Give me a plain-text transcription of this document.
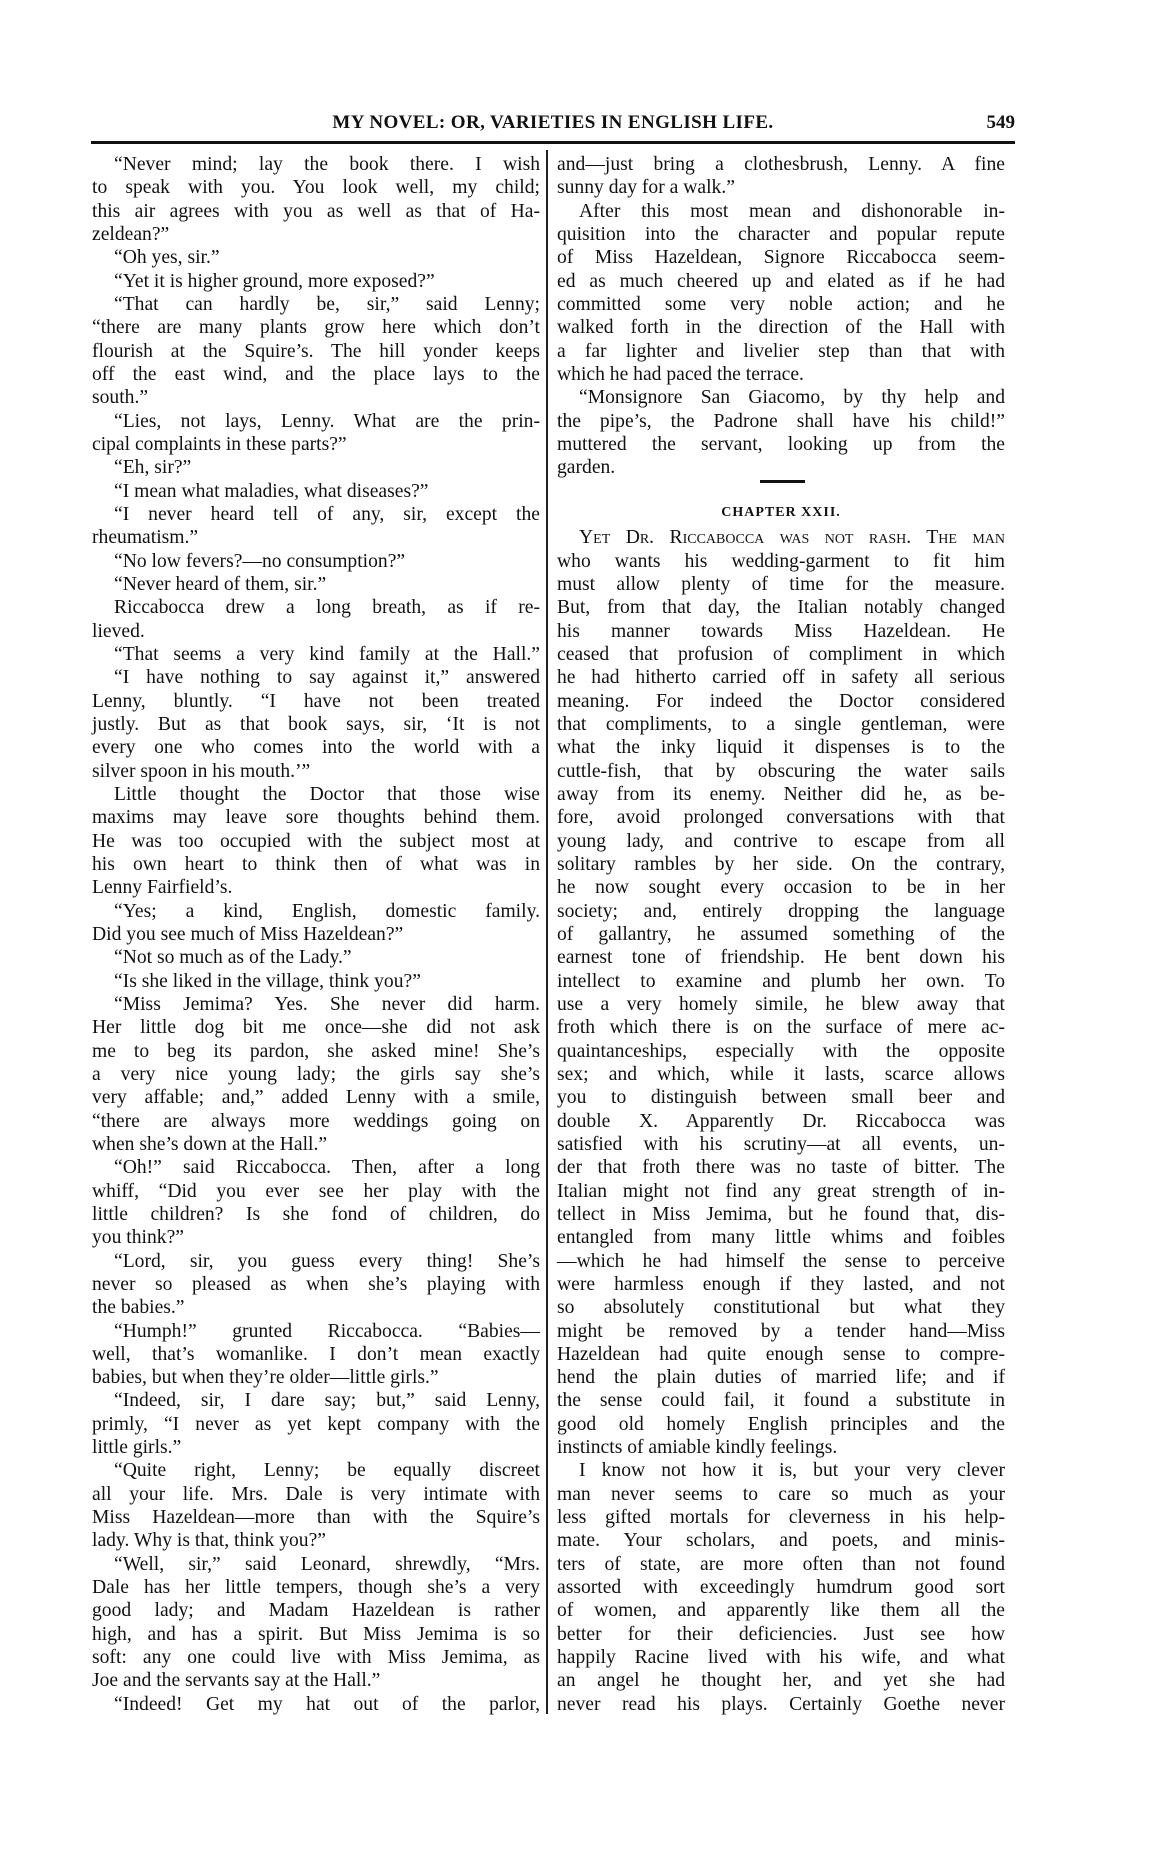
MY NOVEL: OR, VARIETIES IN ENGLISH LIFE.	549
“Never mind; lay the book there. I wish
to speak with you. You look well, my child;
this air agrees with you as well as that of Ha-
zeldean?”
“Oh yes, sir.”
“Yet it is higher ground, more exposed?”
“That can hardly be, sir,” said Lenny;
“there are many plants grow here which don’t
flourish at the Squire’s. The hill yonder keeps
off the east wind, and the place lays to the
south.”
“Lies, not lays, Lenny. What are the prin-
cipal complaints in these parts?”
“Eh, sir?”
“I mean what maladies, what diseases?”
“I never heard tell of any, sir, except the
rheumatism.”
“No low fevers?—no consumption?”
“Never heard of them, sir.”
Riccabocca drew a long breath, as if re-
lieved.
“That seems a very kind family at the Hall.”
“I have nothing to say against it,” answered
Lenny, bluntly. “I have not been treated
justly. But as that book says, sir, ‘It is not
every one who comes into the world with a
silver spoon in his mouth.’”
Little thought the Doctor that those wise
maxims may leave sore thoughts behind them.
He was too occupied with the subject most at
his own heart to think then of what was in
Lenny Fairfield’s.
“Yes; a kind, English, domestic family.
Did you see much of Miss Hazeldean?”
“Not so much as of the Lady.”
“Is she liked in the village, think you?”
“Miss Jemima? Yes. She never did harm.
Her little dog bit me once—she did not ask
me to beg its pardon, she asked mine! She’s
a very nice young lady; the girls say she’s
very affable; and,” added Lenny with a smile,
“there are always more weddings going on
when she’s down at the Hall.”
“Oh!” said Riccabocca. Then, after a long
whiff, “Did you ever see her play with the
little children? Is she fond of children, do
you think?”
“Lord, sir, you guess every thing! She’s
never so pleased as when she’s playing with
the babies.”
“Humph!” grunted Riccabocca. “Babies—
well, that’s womanlike. I don’t mean exactly
babies, but when they’re older—little girls.”
“Indeed, sir, I dare say; but,” said Lenny,
primly, “I never as yet kept company with the
little girls.”
“Quite right, Lenny; be equally discreet
all your life. Mrs. Dale is very intimate with
Miss Hazeldean—more than with the Squire’s
lady. Why is that, think you?”
“Well, sir,” said Leonard, shrewdly, “Mrs.
Dale has her little tempers, though she’s a very
good lady; and Madam Hazeldean is rather
high, and has a spirit. But Miss Jemima is so
soft: any one could live with Miss Jemima, as
Joe and the servants say at the Hall.”
“Indeed! Get my hat out of the parlor,
CHAPTER XXII.
and—just bring a clothesbrush, Lenny. A fine
sunny day for a walk.”
After this most mean and dishonorable in-
quisition into the character and popular repute
of Miss Hazeldean, Signore Riccabocca seem-
ed as much cheered up and elated as if he had
committed some very noble action; and he
walked forth in the direction of the Hall with
a far lighter and livelier step than that with
which he had paced the terrace.
“Monsignore San Giacomo, by thy help and
the pipe’s, the Padrone shall have his child!”
muttered the servant, looking up from the
garden.
Yet Dr. Riccabocca was not rash. The man
who wants his wedding-garment to fit him
must allow plenty of time for the measure.
But, from that day, the Italian notably changed
his manner towards Miss Hazeldean. He
ceased that profusion of compliment in which
he had hitherto carried off in safety all serious
meaning. For indeed the Doctor considered
that compliments, to a single gentleman, were
what the inky liquid it dispenses is to the
cuttle-fish, that by obscuring the water sails
away from its enemy. Neither did he, as be-
fore, avoid prolonged conversations with that
young lady, and contrive to escape from all
solitary rambles by her side. On the contrary,
he now sought every occasion to be in her
society; and, entirely dropping the language
of gallantry, he assumed something of the
earnest tone of friendship. He bent down his
intellect to examine and plumb her own. To
use a very homely simile, he blew away that
froth which there is on the surface of mere ac-
quaintanceships, especially with the opposite
sex; and which, while it lasts, scarce allows
you to distinguish between small beer and
double X. Apparently Dr. Riccabocca was
satisfied with his scrutiny—at all events, un-
der that froth there was no taste of bitter. The
Italian might not find any great strength of in-
tellect in Miss Jemima, but he found that, dis-
entangled from many little whims and foibles
—which he had himself the sense to perceive
were harmless enough if they lasted, and not
so absolutely constitutional but what they
might be removed by a tender hand—Miss
Hazeldean had quite enough sense to compre-
hend the plain duties of married life; and if
the sense could fail, it found a substitute in
good old homely English principles and the
instincts of amiable kindly feelings.
I know not how it is, but your very clever
man never seems to care so much as your
less gifted mortals for cleverness in his help-
mate. Your scholars, and poets, and minis-
ters of state, are more often than not found
assorted with exceedingly humdrum good sort
of women, and apparently like them all the
better for their deficiencies. Just see how
happily Racine lived with his wife, and what
an angel he thought her, and yet she had
never read his plays. Certainly Goethe never
